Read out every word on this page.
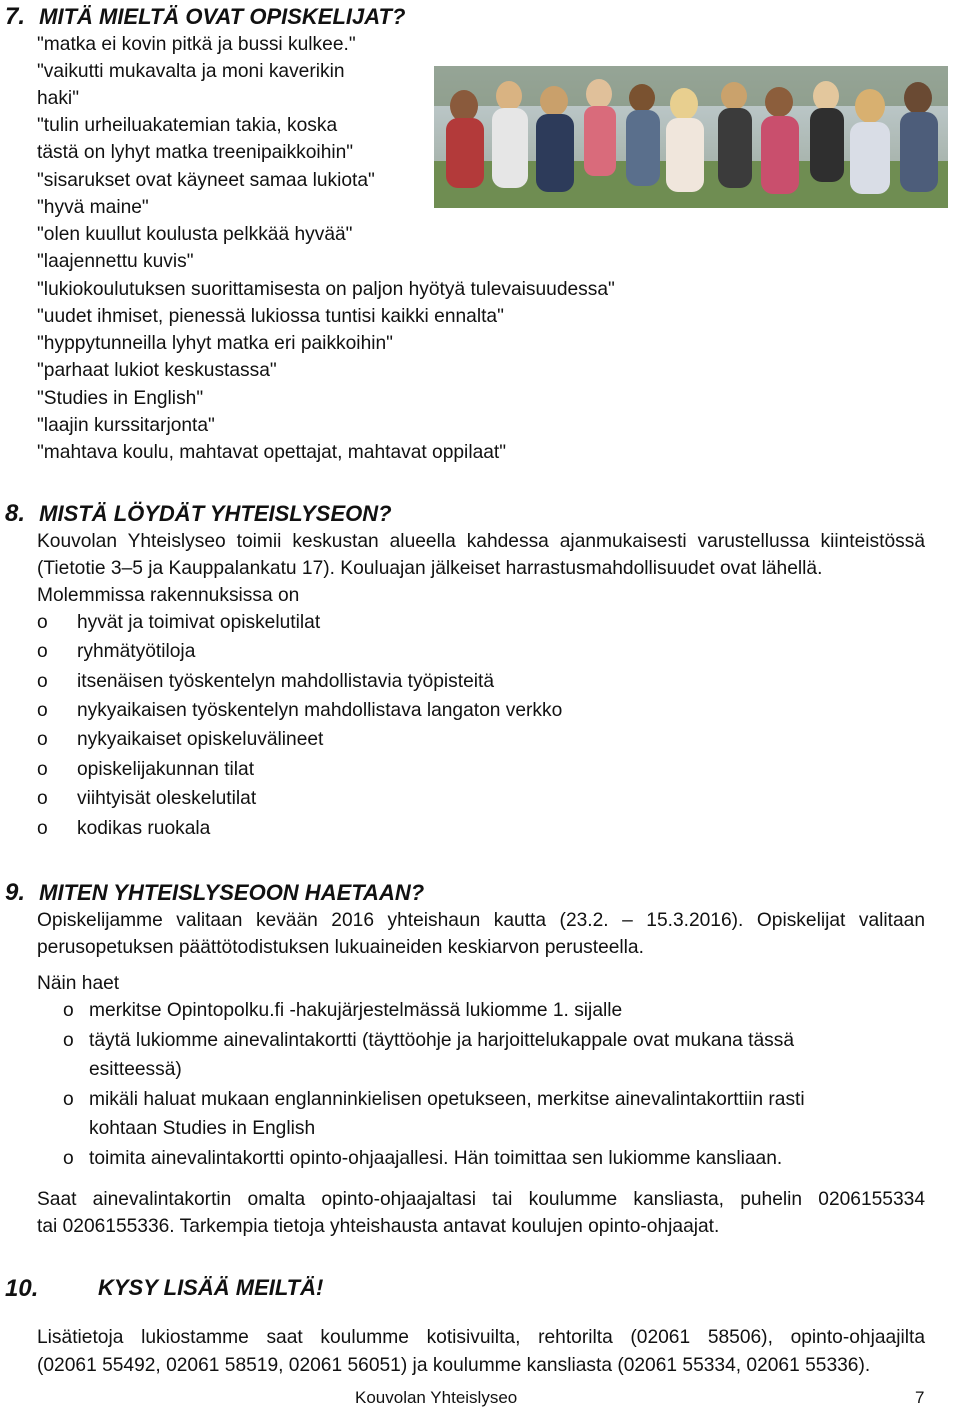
7. MITÄ MIELTÄ OVAT OPISKELIJAT?
"matka ei kovin pitkä ja bussi kulkee."
"vaikutti mukavalta ja moni kaverikin
haki"
"tulin urheiluakatemian takia, koska
tästä on lyhyt matka treenipaikkoihin"
"sisarukset ovat käyneet samaa lukiota"
"hyvä maine"
"olen kuullut koulusta pelkkää hyvää"
"laajennettu kuvis"
"lukiokoulutuksen suorittamisesta on paljon hyötyä tulevaisuudessa"
"uudet ihmiset, pienessä lukiossa tuntisi kaikki ennalta"
"hyppytunneilla lyhyt matka eri paikkoihin"
"parhaat lukiot keskustassa"
"Studies in English"
"laajin kurssitarjonta"
"mahtava koulu, mahtavat opettajat, mahtavat oppilaat"
8. MISTÄ LÖYDÄT YHTEISLYSEON?
Kouvolan Yhteislyseo toimii keskustan alueella kahdessa ajanmukaisesti varustellussa kiinteistössä
(Tietotie 3–5 ja Kauppalankatu 17). Kouluajan jälkeiset harrastusmahdollisuudet ovat lähellä.
Molemmissa rakennuksissa on
o hyvät ja toimivat opiskelutilat
o ryhmätyötiloja
o itsenäisen työskentelyn mahdollistavia työpisteitä
o nykyaikaisen työskentelyn mahdollistava langaton verkko
o nykyaikaiset opiskeluvälineet
o opiskelijakunnan tilat
o viihtyisät oleskelutilat
o kodikas ruokala
9. MITEN YHTEISLYSEOON HAETAAN?
Opiskelijamme valitaan kevään 2016 yhteishaun kautta (23.2. – 15.3.2016). Opiskelijat valitaan
perusopetuksen päättötodistuksen lukuaineiden keskiarvon perusteella.
Näin haet
o merkitse Opintopolku.fi -hakujärjestelmässä lukiomme 1. sijalle
o täytä lukiomme ainevalintakortti (täyttöohje ja harjoittelukappale ovat mukana tässä
esitteessä)
o mikäli haluat mukaan englanninkielisen opetukseen, merkitse ainevalintakorttiin rasti
kohtaan Studies in English
o toimita ainevalintakortti opinto-ohjaajallesi. Hän toimittaa sen lukiomme kansliaan.
Saat ainevalintakortin omalta opinto-ohjaajaltasi tai koulumme kansliasta, puhelin 0206155334
tai 0206155336. Tarkempia tietoja yhteishausta antavat koulujen opinto-ohjaajat.
10.	KYSY LISÄÄ MEILTÄ!
Lisätietoja lukiostamme saat koulumme kotisivuilta, rehtorilta (02061 58506), opinto-ohjaajilta
(02061 55492, 02061 58519, 02061 56051) ja koulumme kansliasta (02061 55334, 02061 55336).
Kouvolan Yhteislyseo	7
